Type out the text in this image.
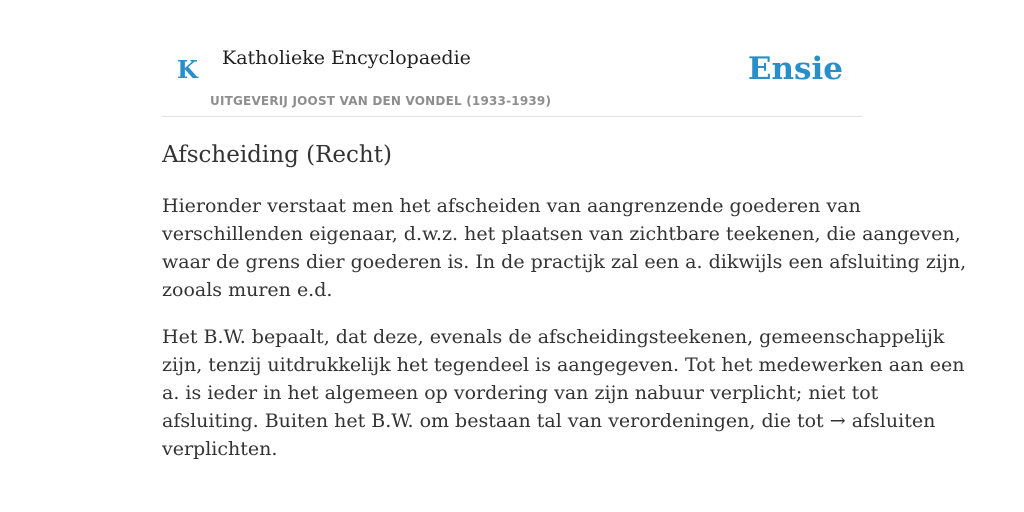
K Katholieke Encyclopaedie
UITGEVERIJ JOOST VAN DEN VONDEL (1933-1939)
Ensie
Afscheiding (Recht)

Hieronder verstaat men het afscheiden van aangrenzende goederen van
verschillenden eigenaar, d.w.z. het plaatsen van zichtbare teekenen, die aangeven,
waar de grens dier goederen is. In de practijk zal een a. dikwijls een afsluiting zijn,
zooals muren e.d.

Het B.W. bepaalt, dat deze, evenals de afscheidingsteekenen, gemeenschappelijk
zijn, tenzij uitdrukkelijk het tegendeel is aangegeven. Tot het medewerken aan een
a. is ieder in het algemeen op vordering van zijn nabuur verplicht; niet tot
afsluiting. Buiten het B.W. om bestaan tal van verordeningen, die tot → afsluiten
verplichten.
